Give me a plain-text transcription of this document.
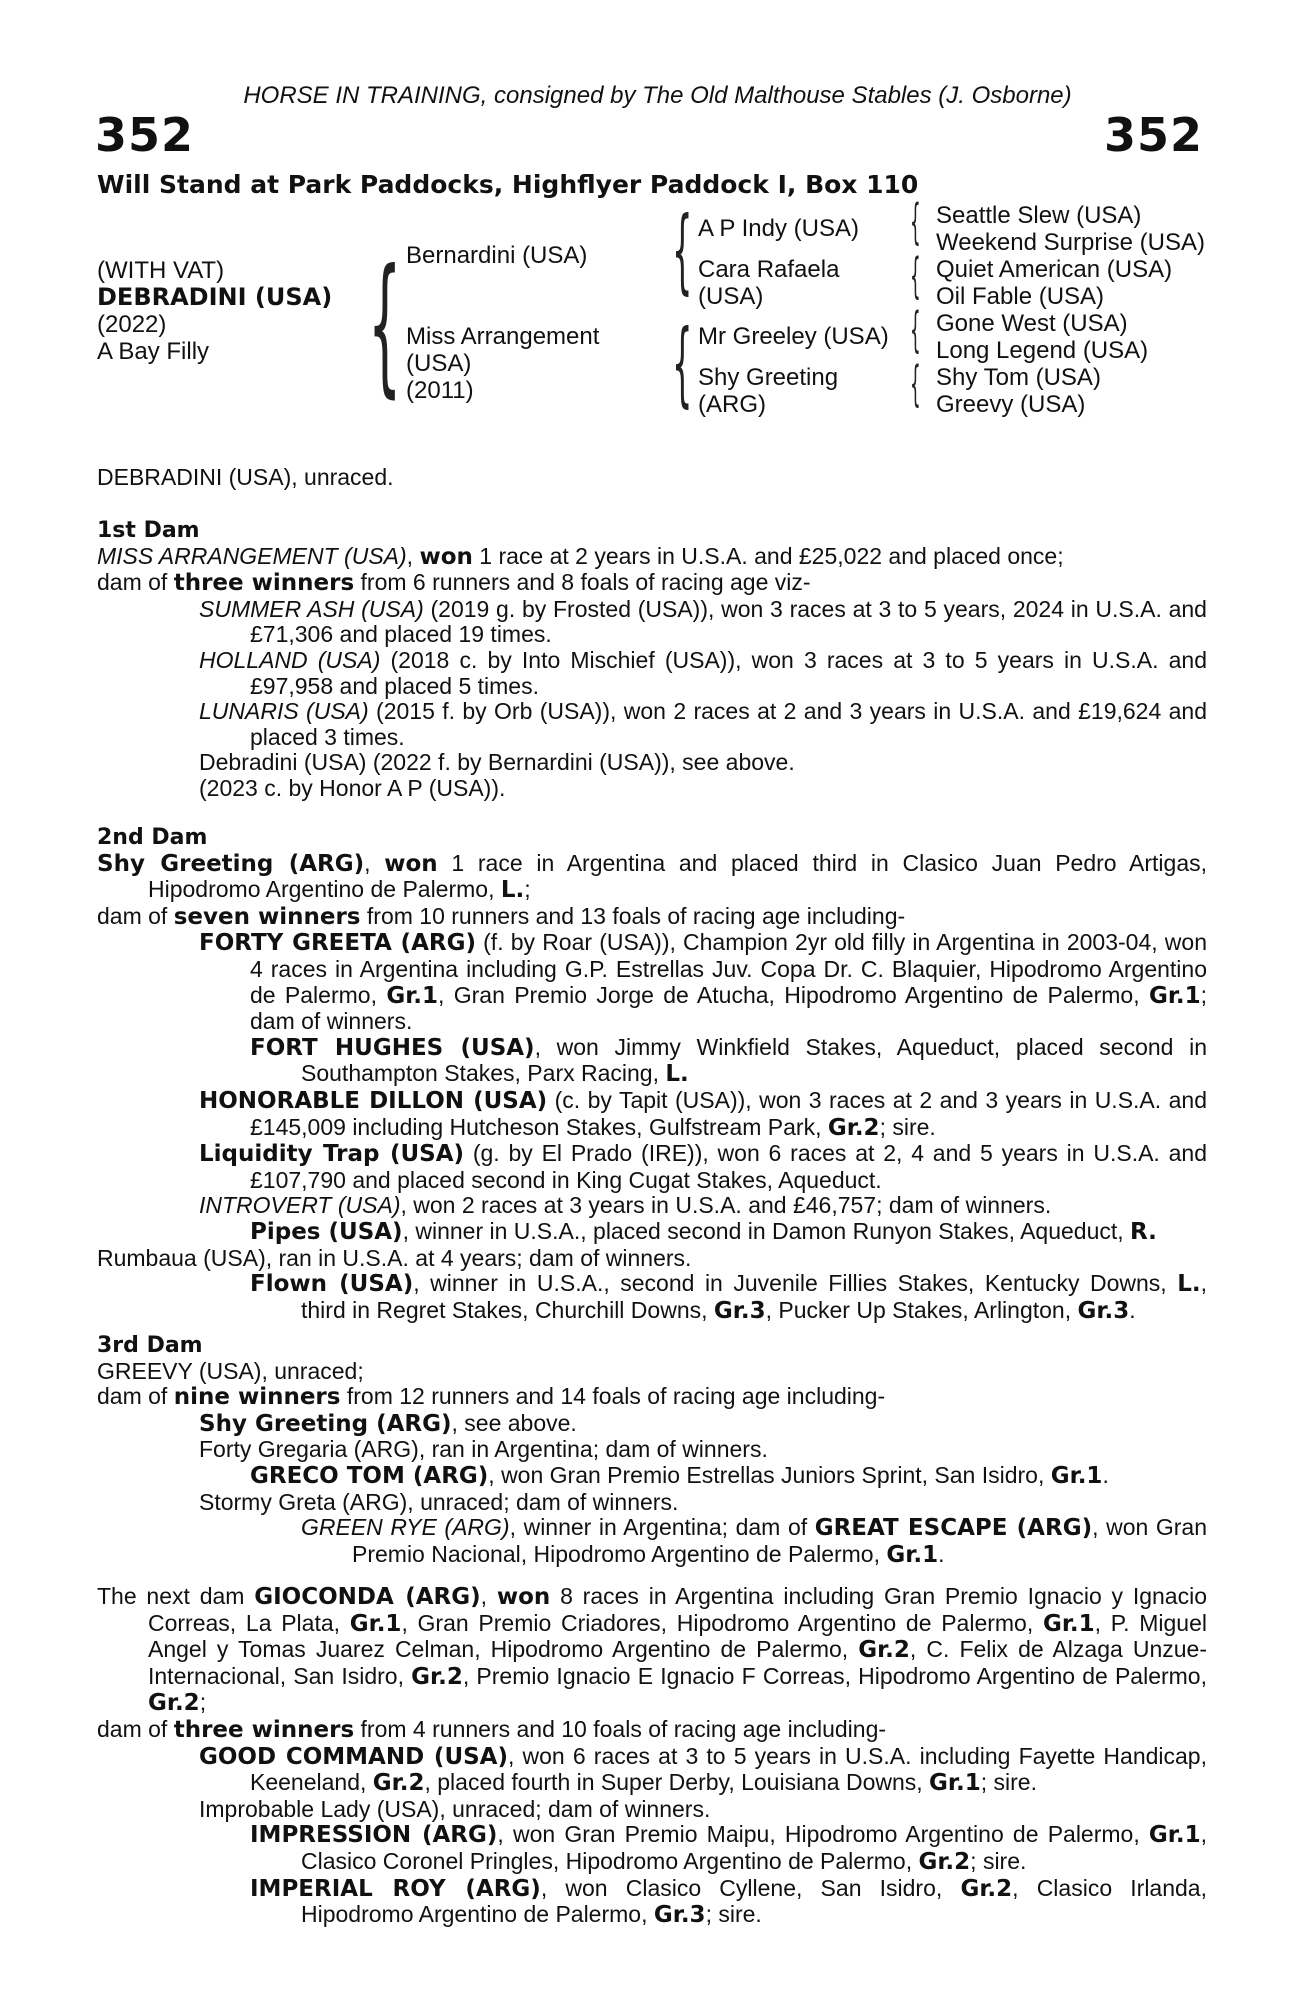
HORSE IN TRAINING, consigned by The Old Malthouse Stables (J. Osborne)
352	352
Will Stand at Park Paddocks, Highflyer Paddock I, Box 110
(WITH VAT)
DEBRADINI (USA)
(2022)
A Bay Filly	{ Bernardini (USA)
Miss Arrangement
(USA)
(2011)
{ A P Indy (USA)
Cara Rafaela
(USA)
{ Mr Greeley (USA)
Shy Greeting
(ARG)
{ Seattle Slew (USA)
Weekend Surprise (USA)
{ Quiet American (USA)
Oil Fable (USA)
{ Gone West (USA)
Long Legend (USA)
{ Shy Tom (USA)
Greevy (USA)
DEBRADINI (USA), unraced.

1st Dam

MISS ARRANGEMENT (USA), won 1 race at 2 years in U.S.A. and £25,022 and placed once;

dam of three winners from 6 runners and 8 foals of racing age viz-

SUMMER ASH (USA) (2019 g. by Frosted (USA)), won 3 races at 3 to 5 years, 2024 in U.S.A. and £71,306 and placed 19 times.

HOLLAND (USA) (2018 c. by Into Mischief (USA)), won 3 races at 3 to 5 years in U.S.A. and £97,958 and placed 5 times.

LUNARIS (USA) (2015 f. by Orb (USA)), won 2 races at 2 and 3 years in U.S.A. and £19,624 and placed 3 times.

Debradini (USA) (2022 f. by Bernardini (USA)), see above.

(2023 c. by Honor A P (USA)).

2nd Dam

Shy Greeting (ARG), won 1 race in Argentina and placed third in Clasico Juan Pedro Artigas, Hipodromo Argentino de Palermo, L.;

dam of seven winners from 10 runners and 13 foals of racing age including-

FORTY GREETA (ARG) (f. by Roar (USA)), Champion 2yr old filly in Argentina in 2003-04, won 4 races in Argentina including G.P. Estrellas Juv. Copa Dr. C. Blaquier, Hipodromo Argentino de Palermo, Gr.1, Gran Premio Jorge de Atucha, Hipodromo Argentino de Palermo, Gr.1; dam of winners.

FORT HUGHES (USA), won Jimmy Winkfield Stakes, Aqueduct, placed second in Southampton Stakes, Parx Racing, L.

HONORABLE DILLON (USA) (c. by Tapit (USA)), won 3 races at 2 and 3 years in U.S.A. and £145,009 including Hutcheson Stakes, Gulfstream Park, Gr.2; sire.

Liquidity Trap (USA) (g. by El Prado (IRE)), won 6 races at 2, 4 and 5 years in U.S.A. and £107,790 and placed second in King Cugat Stakes, Aqueduct.

INTROVERT (USA), won 2 races at 3 years in U.S.A. and £46,757; dam of winners.

Pipes (USA), winner in U.S.A., placed second in Damon Runyon Stakes, Aqueduct, R.

Rumbaua (USA), ran in U.S.A. at 4 years; dam of winners.

Flown (USA), winner in U.S.A., second in Juvenile Fillies Stakes, Kentucky Downs, L., third in Regret Stakes, Churchill Downs, Gr.3, Pucker Up Stakes, Arlington, Gr.3.

3rd Dam

GREEVY (USA), unraced;

dam of nine winners from 12 runners and 14 foals of racing age including-

Shy Greeting (ARG), see above.

Forty Gregaria (ARG), ran in Argentina; dam of winners.

GRECO TOM (ARG), won Gran Premio Estrellas Juniors Sprint, San Isidro, Gr.1.

Stormy Greta (ARG), unraced; dam of winners.

GREEN RYE (ARG), winner in Argentina; dam of GREAT ESCAPE (ARG), won Gran Premio Nacional, Hipodromo Argentino de Palermo, Gr.1.

The next dam GIOCONDA (ARG), won 8 races in Argentina including Gran Premio Ignacio y Ignacio Correas, La Plata, Gr.1, Gran Premio Criadores, Hipodromo Argentino de Palermo, Gr.1, P. Miguel Angel y Tomas Juarez Celman, Hipodromo Argentino de Palermo, Gr.2, C. Felix de Alzaga Unzue-Internacional, San Isidro, Gr.2, Premio Ignacio E Ignacio F Correas, Hipodromo Argentino de Palermo, Gr.2;

dam of three winners from 4 runners and 10 foals of racing age including-

GOOD COMMAND (USA), won 6 races at 3 to 5 years in U.S.A. including Fayette Handicap, Keeneland, Gr.2, placed fourth in Super Derby, Louisiana Downs, Gr.1; sire.

Improbable Lady (USA), unraced; dam of winners.

IMPRESSION (ARG), won Gran Premio Maipu, Hipodromo Argentino de Palermo, Gr.1, Clasico Coronel Pringles, Hipodromo Argentino de Palermo, Gr.2; sire.

IMPERIAL ROY (ARG), won Clasico Cyllene, San Isidro, Gr.2, Clasico Irlanda, Hipodromo Argentino de Palermo, Gr.3; sire.
